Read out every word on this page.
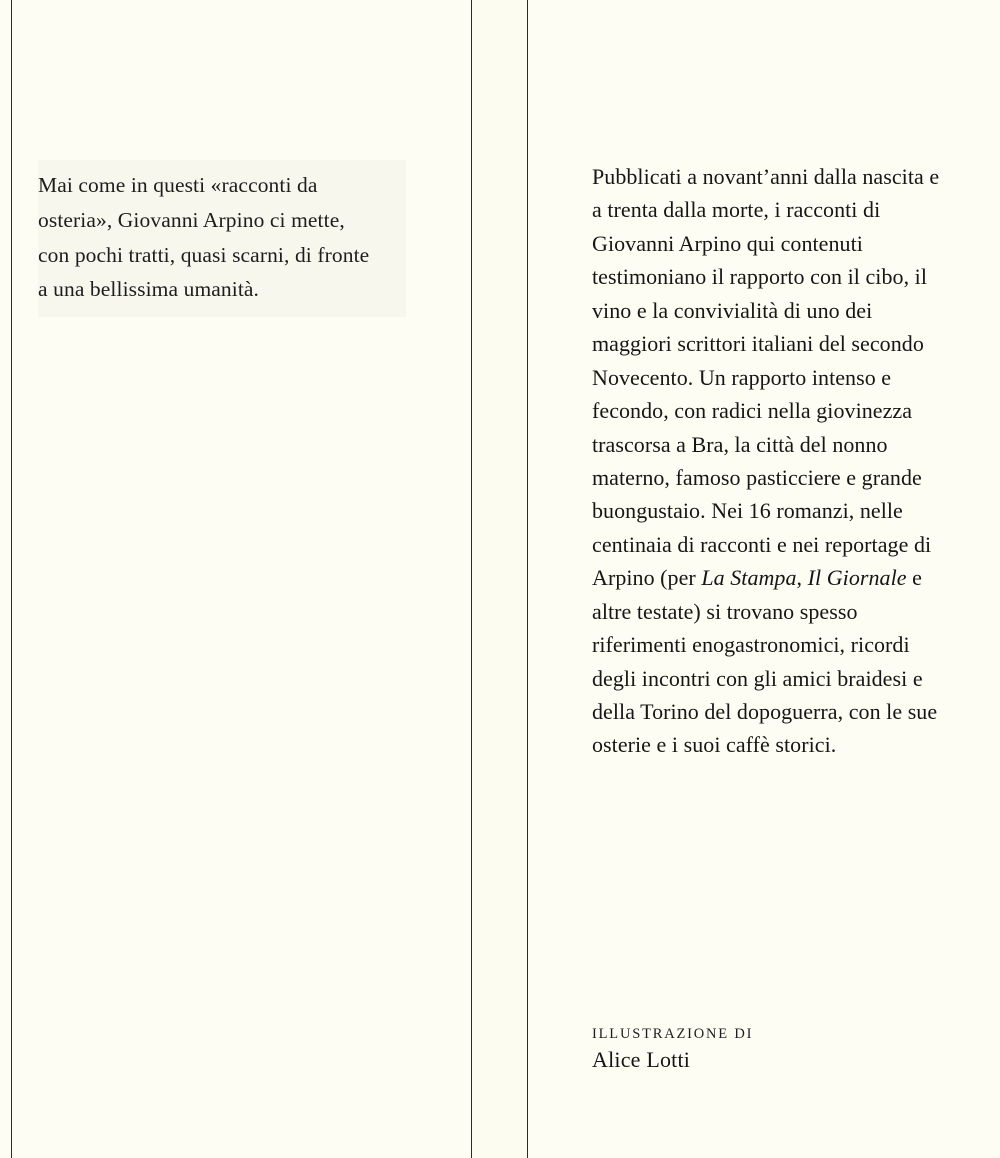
Mai come in questi «racconti da

osteria», Giovanni Arpino ci mette,

con pochi tratti, quasi scarni, di fronte

a una bellissima umanità.

Pubblicati a novant’anni dalla nascita e a trenta dalla morte, i racconti di Giovanni Arpino qui contenuti testimoniano il rapporto con il cibo, il vino e la convivialità di uno dei maggiori scrittori italiani del secondo Novecento. Un rapporto intenso e fecondo, con radici nella giovinezza trascorsa a Bra, la città del nonno materno, famoso pasticciere e grande buongustaio. Nei 16 romanzi, nelle centinaia di racconti e nei reportage di Arpino (per La Stampa, Il Giornale e altre testate) si trovano spesso riferimenti enogastronomici, ricordi degli incontri con gli amici braidesi e della Torino del dopoguerra, con le sue osterie e i suoi caffè storici.

ILLUSTRAZIONE DI
Alice Lotti
